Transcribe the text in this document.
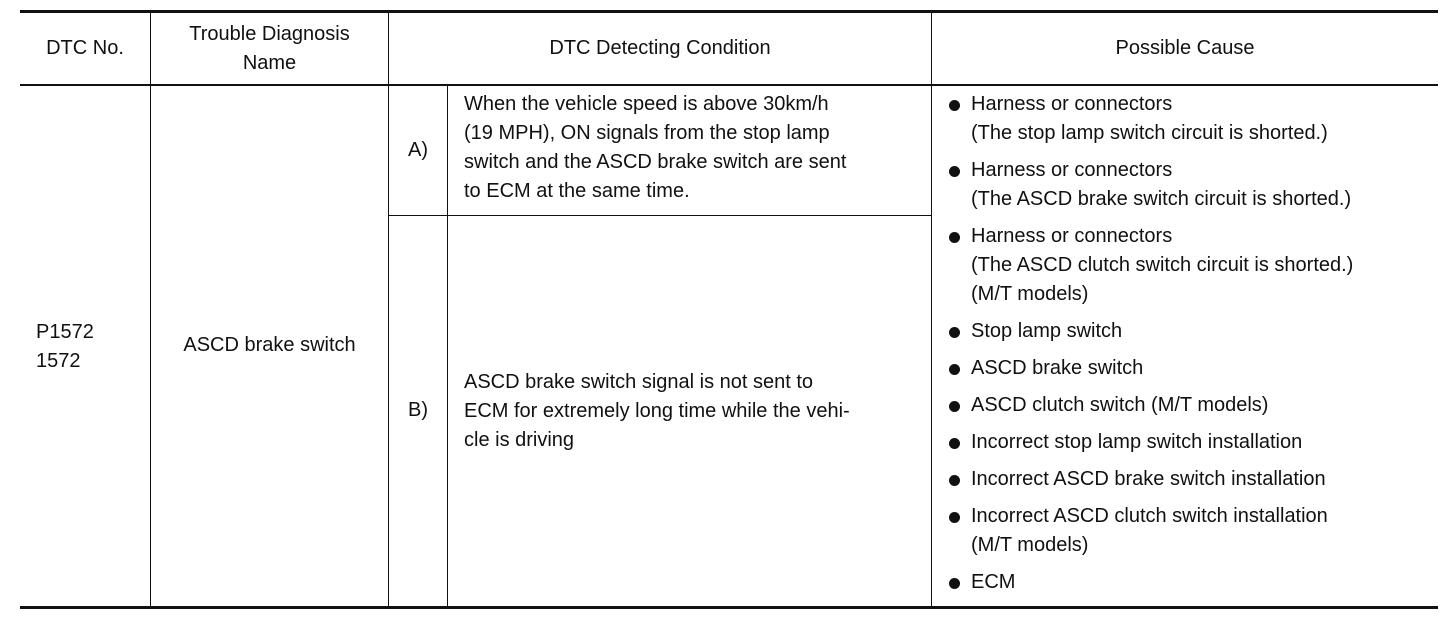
DTC No.
Trouble Diagnosis
Name
DTC Detecting Condition	Possible Cause
P1572
1572
ASCD brake switch
A)
When the vehicle speed is above 30km/h
(19 MPH), ON signals from the stop lamp
switch and the ASCD brake switch are sent
to ECM at the same time.
B)
ASCD brake switch signal is not sent to
ECM for extremely long time while the vehi-
cle is driving
Harness or connectors
(The stop lamp switch circuit is shorted.)
Harness or connectors
(The ASCD brake switch circuit is shorted.)
Harness or connectors
(The ASCD clutch switch circuit is shorted.)
(M/T models)
Stop lamp switch
ASCD brake switch
ASCD clutch switch (M/T models)
Incorrect stop lamp switch installation
Incorrect ASCD brake switch installation
Incorrect ASCD clutch switch installation
(M/T models)
ECM
